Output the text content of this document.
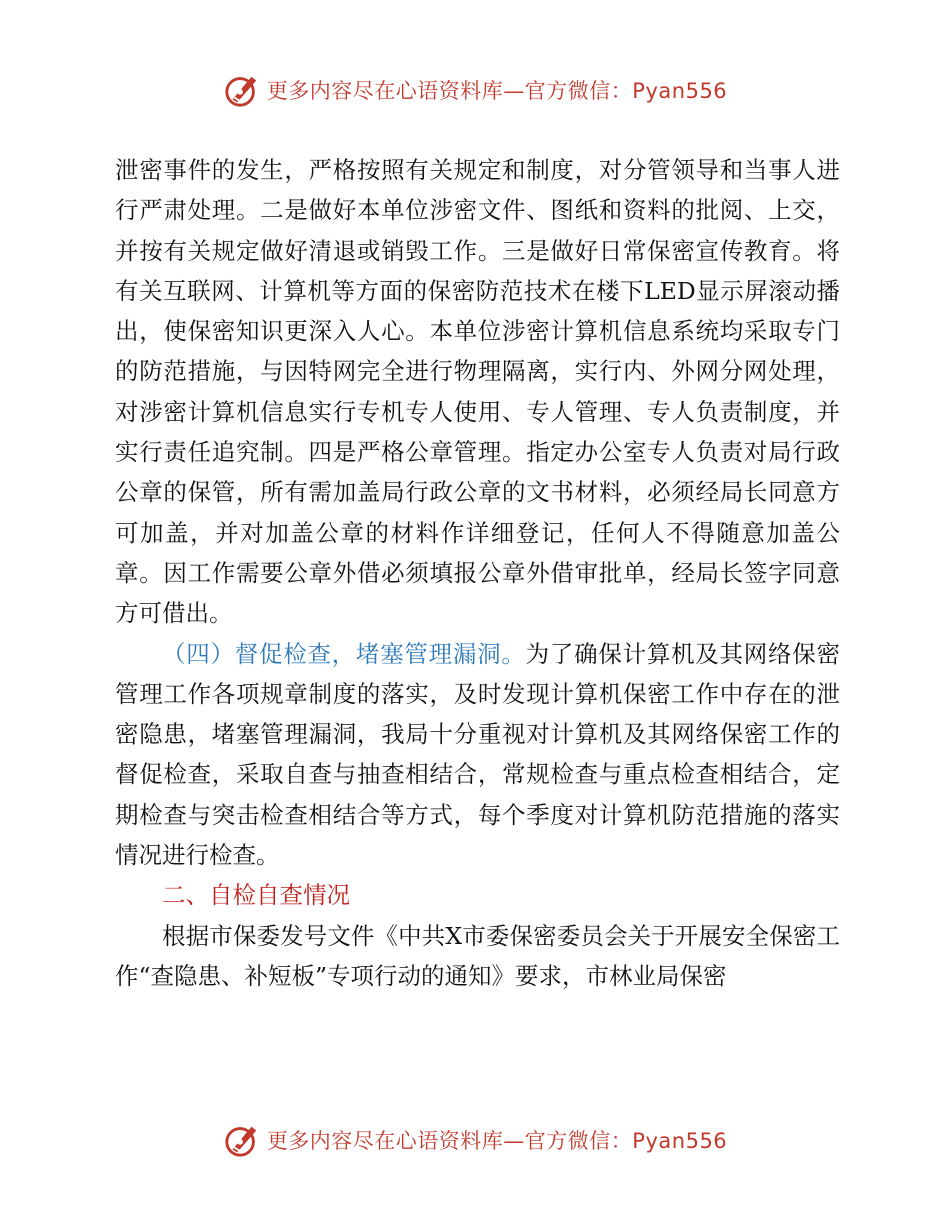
更多内容尽在心语资料库—官方微信：Pyan556

泄密事件的发生，严格按照有关规定和制度，对分管领导和当事人进行严肃处理。二是做好本单位涉密文件、图纸和资料的批阅、上交，并按有关规定做好清退或销毁工作。三是做好日常保密宣传教育。将有关互联网、计算机等方面的保密防范技术在楼下LED显示屏滚动播出，使保密知识更深入人心。本单位涉密计算机信息系统均采取专门的防范措施，与因特网完全进行物理隔离，实行内、外网分网处理，对涉密计算机信息实行专机专人使用、专人管理、专人负责制度，并实行责任追究制。四是严格公章管理。指定办公室专人负责对局行政公章的保管，所有需加盖局行政公章的文书材料，必须经局长同意方可加盖，并对加盖公章的材料作详细登记，任何人不得随意加盖公章。因工作需要公章外借必须填报公章外借审批单，经局长签字同意方可借出。

（四）督促检查，堵塞管理漏洞。为了确保计算机及其网络保密管理工作各项规章制度的落实，及时发现计算机保密工作中存在的泄密隐患，堵塞管理漏洞，我局十分重视对计算机及其网络保密工作的督促检查，采取自查与抽查相结合，常规检查与重点检查相结合，定期检查与突击检查相结合等方式，每个季度对计算机防范措施的落实情况进行检查。

二、自检自查情况

根据市保委发号文件《中共X市委保密委员会关于开展安全保密工作“查隐患、补短板”专项行动的通知》要求，市林业局保密

更多内容尽在心语资料库—官方微信：Pyan556
